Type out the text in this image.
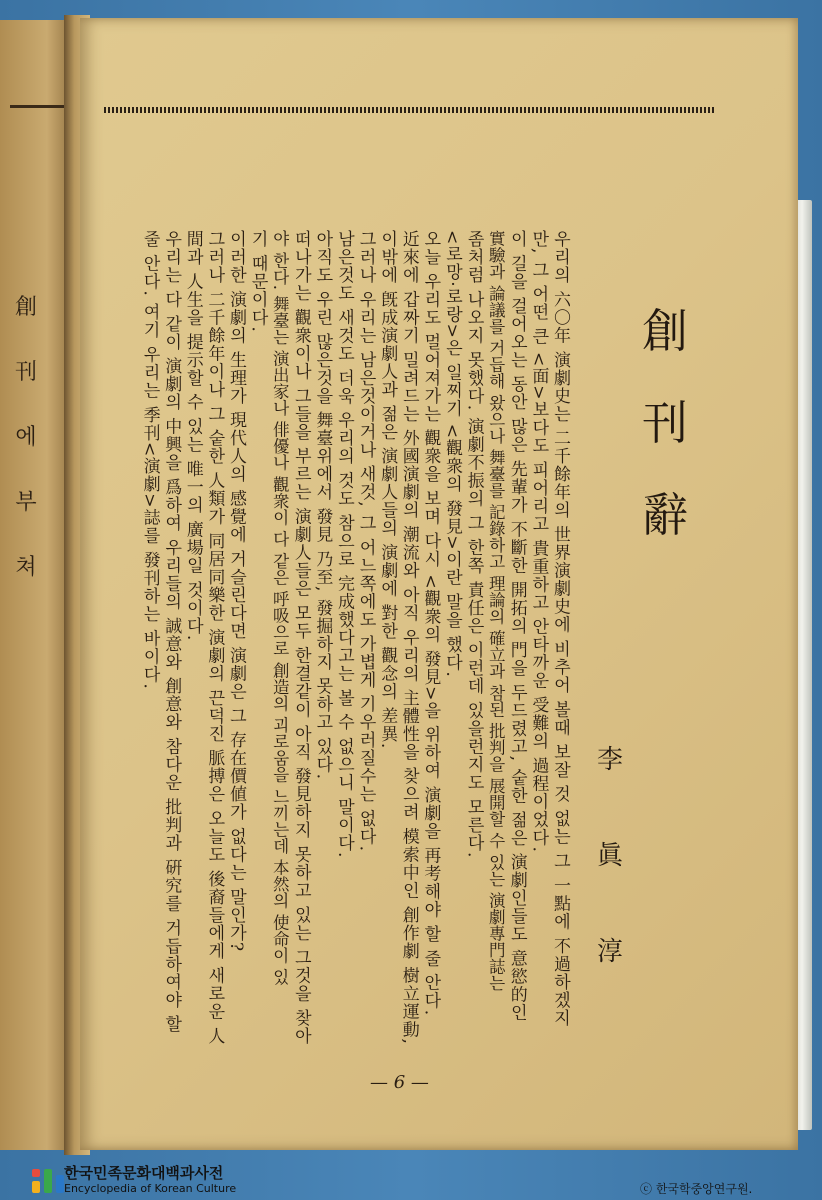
創
刊
에
부
쳐
創
刊
辭
李
眞
淳
우리의 六〇年 演劇史는 二千餘年의 世界演劇史에 비추어 볼때 보잘 것 없는 그 一點에 不過하겠지
만, 그 어떤 큰 <面>보다도 피어리고 貴重하고 안타까운 受難의 過程이었다.
이 길을 걸어오는 동안 많은 先輩가 不斷한 開拓의 門을 두드렸고, 숱한 젊은 演劇인들도 意慾的인
實驗과 論議를 거듭해 왔으나 舞臺를 記錄하고 理論의 確立과 참된 批判을 展開할 수 있는 演劇專門誌는
좀처럼 나오지 못했다. 演劇不振의 그 한쪽 責任은 이런데 있을런지도 모른다.
<로망·로랑>은 일찌기 <觀衆의 發見>이란 말을 했다.
오늘 우리도 멀어져가는 觀衆을 보며 다시 <觀衆의 發見>을 위하여 演劇을 再考해야 할 줄 안다.
近來에 갑짜기 밀려드는 外國演劇의 潮流와 아직 우리의 主體性을 찾으려 模索中인 創作劇 樹立運動,
이밖에 旣成演劇人과 젊은 演劇人들의 演劇에 對한 觀念의 差異.
그러나 우리는 남은것이거나 새것, 그 어느쪽에도 가볍게 기우러질수는 없다.
남은것도 새것도 더욱 우리의 것도 참으로 完成했다고는 볼 수 없으니 말이다.
아직도 우린 많은것을 舞臺위에서 發見 乃至, 發掘하지 못하고 있다.
떠나가는 觀衆이나 그들을 부르는 演劇人들은 모두 한결같이 아직 發見하지 못하고 있는 그것을 찾아
야 한다. 舞臺는 演出家나 俳優나 觀衆이 다 같은 呼吸으로 創造의 괴로움을 느끼는데 本然의 使命이 있
기 때문이다.
이러한 演劇의 生理가 現代人의 感覺에 거슬린다면 演劇은 그 存在價値가 없다는 말인가?
그러나 二千餘年이나 그 숱한 人類가 同居同樂한 演劇의 끈덕진 脈搏은 오늘도 後裔들에게 새로운 人
間과 人生을 提示할 수 있는 唯一의 廣場일 것이다.
우리는 다 같이 演劇의 中興을 爲하여 우리들의 誠意와 創意와 참다운 批判과 硏究를 거듭하여야 할
줄 안다. 여기 우리는 季刊<演劇>誌를 發刊하는 바이다.
— 6 —
한국민족문화대백과사전
Encyclopedia of Korean Culture	ⓒ 한국학중앙연구원.
